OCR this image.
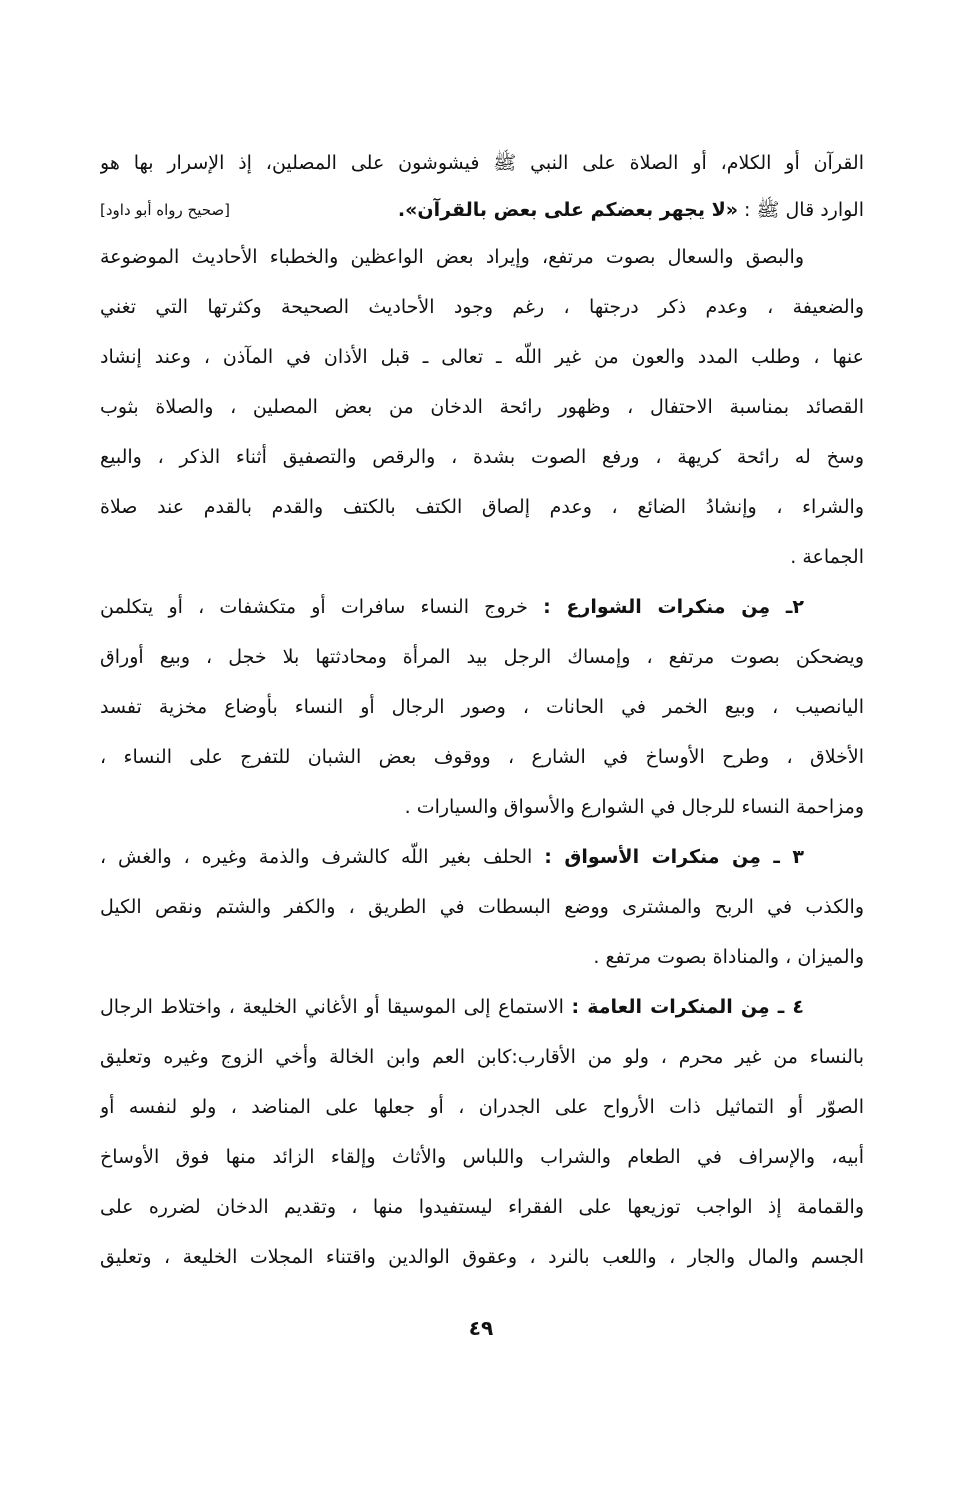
القرآن أو الكلام، أو الصلاة على النبي ﷺ فيشوشون على المصلين، إذ الإسرار بها هو
الوارد قال ﷺ : «لا يجهر بعضكم على بعض بالقرآن».
[صحيح رواه أبو داود]
والبصق والسعال بصوت مرتفع، وإيراد بعض الواعظين والخطباء الأحاديث الموضوعة
والضعيفة ، وعدم ذكر درجتها ، رغم وجود الأحاديث الصحيحة وكثرتها التي تغني
عنها ، وطلب المدد والعون من غير اللّه ـ تعالى ـ قبل الأذان في المآذن ، وعند إنشاد
القصائد بمناسبة الاحتفال ، وظهور رائحة الدخان من بعض المصلين ، والصلاة بثوب
وسخ له رائحة كريهة ، ورفع الصوت بشدة ، والرقص والتصفيق أثناء الذكر ، والبيع
والشراء ، وإنشادُ الضائع ، وعدم إلصاق الكتف بالكتف والقدم بالقدم عند صلاة
الجماعة .
٢ـ مِن منكرات الشوارع : خروج النساء سافرات أو متكشفات ، أو يتكلمن
ويضحكن بصوت مرتفع ، وإمساك الرجل بيد المرأة ومحادثتها بلا خجل ، وبيع أوراق
اليانصيب ، وبيع الخمر في الحانات ، وصور الرجال أو النساء بأوضاع مخزية تفسد
الأخلاق ، وطرح الأوساخ في الشارع ، ووقوف بعض الشبان للتفرج على النساء ،
ومزاحمة النساء للرجال في الشوارع والأسواق والسيارات .
٣ ـ مِن منكرات الأسواق : الحلف بغير اللّه كالشرف والذمة وغيره ، والغش ،
والكذب في الربح والمشترى ووضع البسطات في الطريق ، والكفر والشتم ونقص الكيل
والميزان ، والمناداة بصوت مرتفع .
٤ ـ مِن المنكرات العامة : الاستماع إلى الموسيقا أو الأغاني الخليعة ، واختلاط الرجال
بالنساء من غير محرم ، ولو من الأقارب:كابن العم وابن الخالة وأخي الزوج وغيره وتعليق
الصوّر أو التماثيل ذات الأرواح على الجدران ، أو جعلها على المناضد ، ولو لنفسه أو
أبيه، والإسراف في الطعام والشراب واللباس والأثاث وإلقاء الزائد منها فوق الأوساخ
والقمامة إذ الواجب توزيعها على الفقراء ليستفيدوا منها ، وتقديم الدخان لضرره على
الجسم والمال والجار ، واللعب بالنرد ، وعقوق الوالدين واقتناء المجلات الخليعة ، وتعليق
٤٩
